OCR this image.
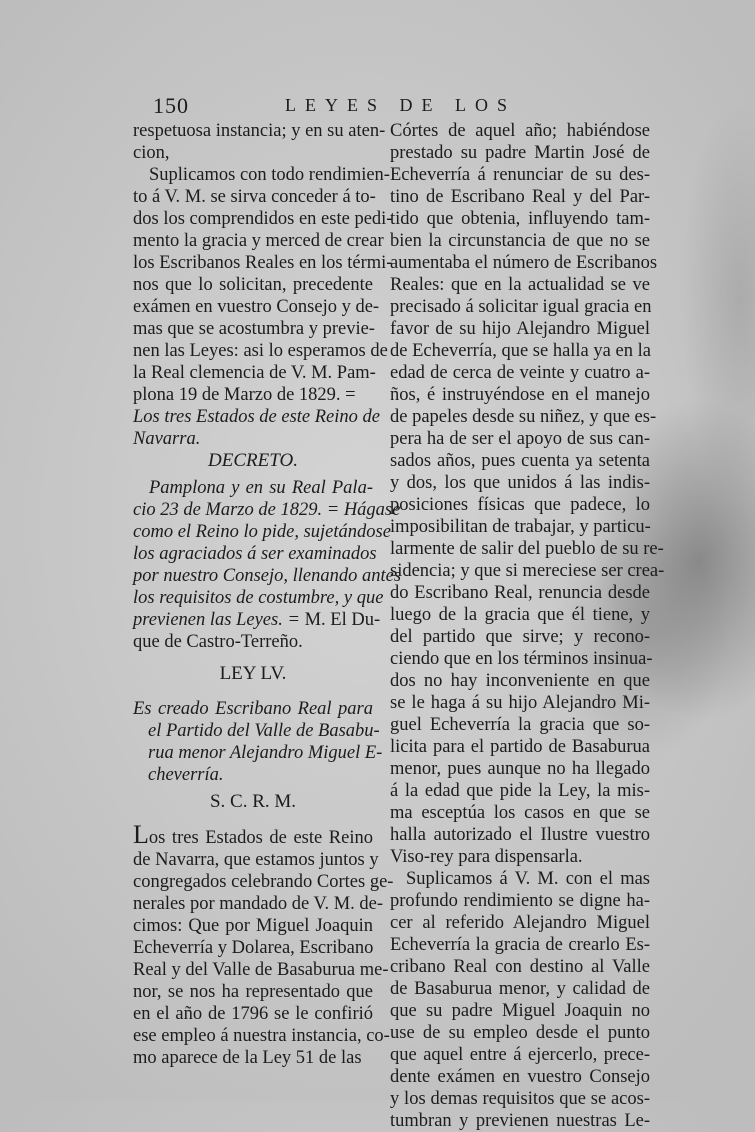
150	LEYES DE LOS
respetuosa instancia; y en su aten-
cion,
Suplicamos con todo rendimien-
to á V. M. se sirva conceder á to-
dos los comprendidos en este pedi-
mento la gracia y merced de crear
los Escribanos Reales en los térmi-
nos que lo solicitan, precedente
exámen en vuestro Consejo y de-
mas que se acostumbra y previe-
nen las Leyes: asi lo esperamos de
la Real clemencia de V. M. Pam-
plona 19 de Marzo de 1829. =
Los tres Estados de este Reino de
Navarra.
DECRETO.
Pamplona y en su Real Pala-
cio 23 de Marzo de 1829. = Hágase
como el Reino lo pide, sujetándose
los agraciados á ser examinados
por nuestro Consejo, llenando antes
los requisitos de costumbre, y que
previenen las Leyes. = M. El Du-
que de Castro-Terreño.
LEY LV.
Es creado Escribano Real para
el Partido del Valle de Basabu-
rua menor Alejandro Miguel E-
cheverría.
S. C. R. M.
Los tres Estados de este Reino
de Navarra, que estamos juntos y
congregados celebrando Cortes ge-
nerales por mandado de V. M. de-
cimos: Que por Miguel Joaquin
Echeverría y Dolarea, Escribano
Real y del Valle de Basaburua me-
nor, se nos ha representado que
en el año de 1796 se le confirió
ese empleo á nuestra instancia, co-
mo aparece de la Ley 51 de las
Córtes de aquel año; habiéndose
prestado su padre Martin José de
Echeverría á renunciar de su des-
tino de Escribano Real y del Par-
tido que obtenia, influyendo tam-
bien la circunstancia de que no se
aumentaba el número de Escribanos
Reales: que en la actualidad se ve
precisado á solicitar igual gracia en
favor de su hijo Alejandro Miguel
de Echeverría, que se halla ya en la
edad de cerca de veinte y cuatro a-
ños, é instruyéndose en el manejo
de papeles desde su niñez, y que es-
pera ha de ser el apoyo de sus can-
sados años, pues cuenta ya setenta
y dos, los que unidos á las indis-
posiciones físicas que padece, lo
imposibilitan de trabajar, y particu-
larmente de salir del pueblo de su re-
sidencia; y que si mereciese ser crea-
do Escribano Real, renuncia desde
luego de la gracia que él tiene, y
del partido que sirve; y recono-
ciendo que en los términos insinua-
dos no hay inconveniente en que
se le haga á su hijo Alejandro Mi-
guel Echeverría la gracia que so-
licita para el partido de Basaburua
menor, pues aunque no ha llegado
á la edad que pide la Ley, la mis-
ma esceptúa los casos en que se
halla autorizado el Ilustre vuestro
Viso-rey para dispensarla.
Suplicamos á V. M. con el mas
profundo rendimiento se digne ha-
cer al referido Alejandro Miguel
Echeverría la gracia de crearlo Es-
cribano Real con destino al Valle
de Basaburua menor, y calidad de
que su padre Miguel Joaquin no
use de su empleo desde el punto
que aquel entre á ejercerlo, prece-
dente exámen en vuestro Consejo
y los demas requisitos que se acos-
tumbran y previenen nuestras Le-
